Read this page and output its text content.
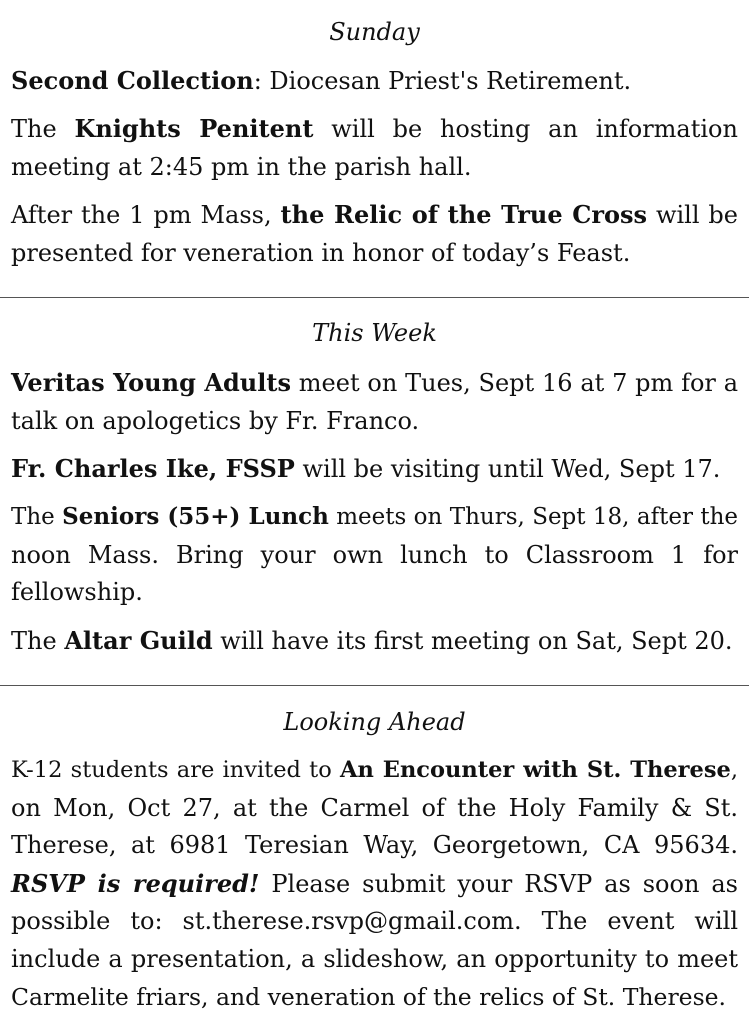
Sunday
Second Collection: Diocesan Priest's Retirement.
The Knights Penitent will be hosting an information
meeting at 2:45 pm in the parish hall.
After the 1 pm Mass, the Relic of the True Cross will be
presented for veneration in honor of today’s Feast.
This Week
Veritas Young Adults meet on Tues, Sept 16 at 7 pm for a
talk on apologetics by Fr. Franco.
Fr. Charles Ike, FSSP will be visiting until Wed, Sept 17.
The Seniors (55+) Lunch meets on Thurs, Sept 18, after the
noon Mass. Bring your own lunch to Classroom 1 for
fellowship.
The Altar Guild will have its first meeting on Sat, Sept 20.
Looking Ahead
K-12 students are invited to An Encounter with St. Therese,
on Mon, Oct 27, at the Carmel of the Holy Family & St.
Therese, at 6981 Teresian Way, Georgetown, CA 95634.
RSVP is required! Please submit your RSVP as soon as
possible to: st.therese.rsvp@gmail.com. The event will
include a presentation, a slideshow, an opportunity to meet
Carmelite friars, and veneration of the relics of St. Therese.
